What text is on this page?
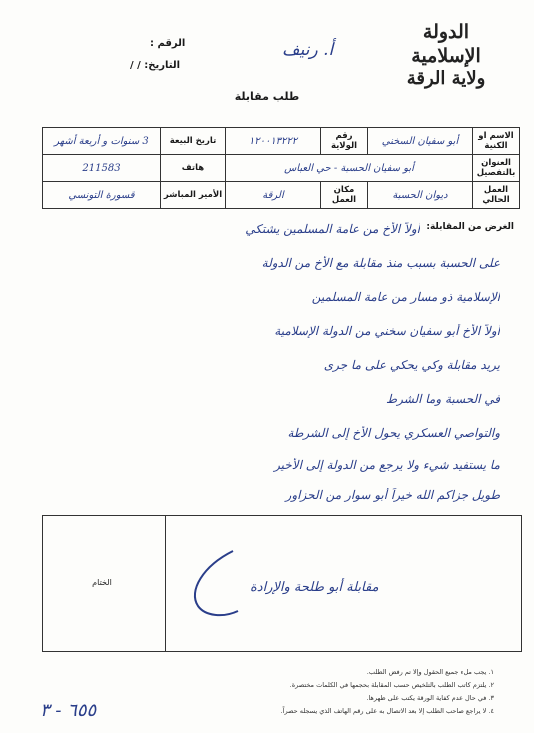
الرقم :
التاريخ: / /
أ. رنيف
الدولة الإسلامية
ولاية الرقة
طلب مقابلة
الاسم او الكنية	أبو سفيان السخني	رقم الولاية	١٢٠٠١٣٢٢٢	تاريخ البيعة	3 سنوات و أربعة أشهر
العنوان بالتفصيل	أبو سفيان الحسبة - حي العباس			هاتف	211583
العمل الحالي	ديوان الحسبة	مكان العمل	الرقة	الأمير المباشر	قسورة التونسي
الغرض من المقابلة:
أولاً الأخ من عامة المسلمين يشتكي
على الحسبة بسبب منذ مقابلة مع الأخ من الدولة
الإسلامية ذو مسار من عامة المسلمين
أولاً الأخ أبو سفيان سخني من الدولة الإسلامية
يريد مقابلة وكي يحكي على ما جرى
في الحسبة وما الشرط
والتواصي العسكري يحول الأخ إلى الشرطة
ما يستفيد شيء ولا يرجع من الدولة إلى الأخير
طويل جزاكم الله خيراً أبو سوار من الحزاور
الختام	مقابلة أبو طلحة والإرادة
١. يجب ملء جميع الحقول وإلا تم رفض الطلب.
٢. يلتزم كاتب الطلب بالتلخيص حسب المقابلة بحجمها في الكلمات مختصرة.
٣. في حال عدم كفاية الورقة يكتب على ظهرها.
٤. لا يراجع صاحب الطلب إلا بعد الاتصال به على رقم الهاتف الذي يسجله حصراً.
٦٥٥ - ٣
